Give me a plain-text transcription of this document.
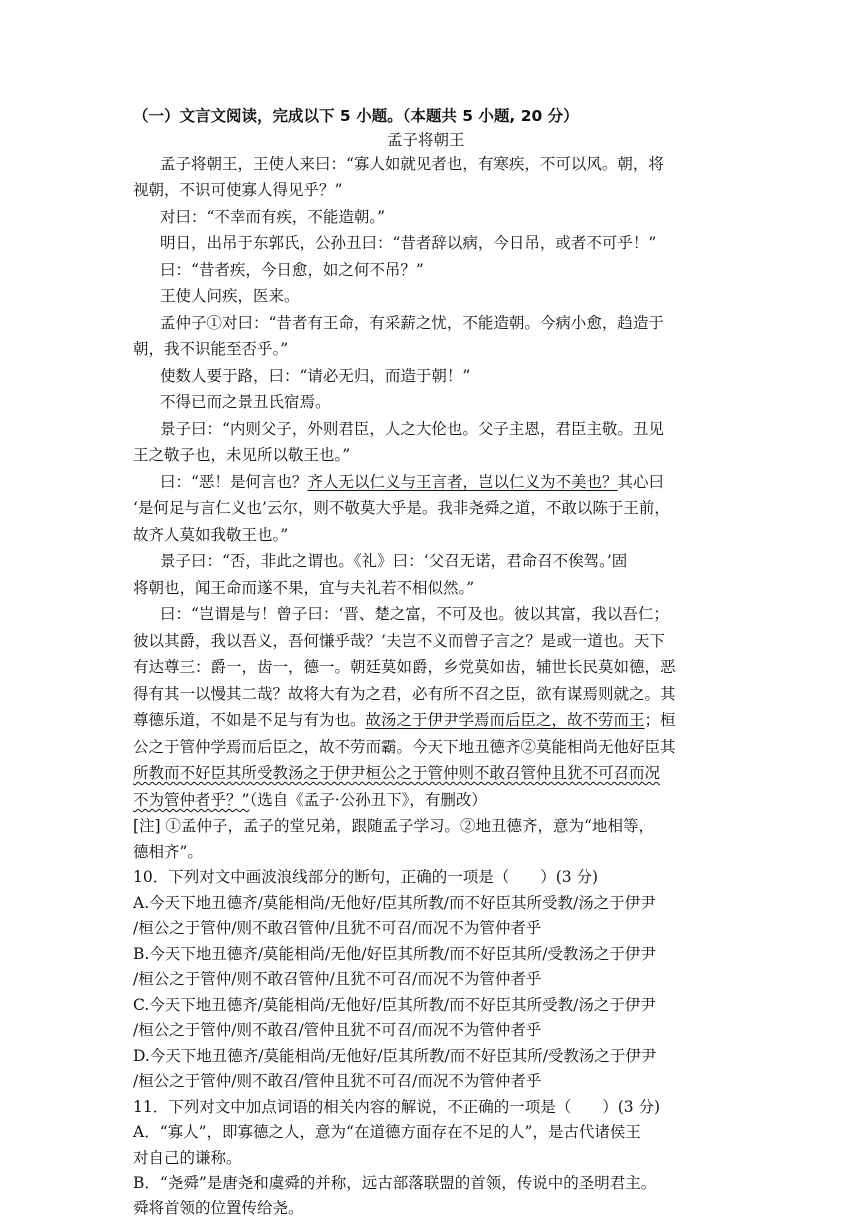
（一）文言文阅读，完成以下 5 小题。（本题共 5 小题, 20 分）
孟子将朝王
孟子将朝王，王使人来曰：“寡人如就见者也，有寒疾，不可以风。朝，将
视朝，不识可使寡人得见乎？”
对曰：“不幸而有疾，不能造朝。”
明日，出吊于东郭氏，公孙丑曰：“昔者辞以病，今日吊，或者不可乎！”
曰：“昔者疾，今日愈，如之何不吊？”
王使人问疾，医来。
孟仲子①对曰：“昔者有王命，有采薪之忧，不能造朝。今病小愈，趋造于
朝，我不识能至否乎。”
使数人要于路，曰：“请必无归，而造于朝！”
不得已而之景丑氏宿焉。
景子曰：“内则父子，外则君臣，人之大伦也。父子主恩，君臣主敬。丑见
王之敬子也，未见所以敬王也。”
曰：“恶！是何言也？齐人无以仁义与王言者，岂以仁义为不美也？其心曰
‘是何足与言仁义也’云尔，则不敬莫大乎是。我非尧舜之道，不敢以陈于王前，
故齐人莫如我敬王也。”
景子曰：“否，非此之谓也。《礼》曰：‘父召无诺，君命召不俟驾。’固
将朝也，闻王命而遂不果，宜与夫礼若不相似然。”
曰：“岂谓是与！曾子曰：‘晋、楚之富，不可及也。彼以其富，我以吾仁；
彼以其爵，我以吾义，吾何慊乎哉？’夫岂不义而曾子言之？是或一道也。天下
有达尊三：爵一，齿一，德一。朝廷莫如爵，乡党莫如齿，辅世长民莫如德，恶
得有其一以慢其二哉？故将大有为之君，必有所不召之臣，欲有谋焉则就之。其
尊德乐道，不如是不足与有为也。故汤之于伊尹学焉而后臣之，故不劳而王；桓
公之于管仲学焉而后臣之，故不劳而霸。今天下地丑德齐②莫能相尚无他好臣其
所教而不好臣其所受教汤之于伊尹桓公之于管仲则不敢召管仲且犹不可召而况
不为管仲者乎？”（选自《孟子·公孙丑下》，有删改）
[注] ①孟仲子，孟子的堂兄弟，跟随孟子学习。②地丑德齐，意为“地相等，
德相齐”。
10．下列对文中画波浪线部分的断句，正确的一项是（　　）(3 分)
A.今天下地丑德齐/莫能相尚/无他好/臣其所教/而不好臣其所受教/汤之于伊尹
/桓公之于管仲/则不敢召管仲/且犹不可召/而况不为管仲者乎
B.今天下地丑德齐/莫能相尚/无他/好臣其所教/而不好臣其所/受教汤之于伊尹
/桓公之于管仲/则不敢召管仲/且犹不可召/而况不为管仲者乎
C.今天下地丑德齐/莫能相尚/无他好/臣其所教/而不好臣其所受教/汤之于伊尹
/桓公之于管仲/则不敢召/管仲且犹不可召/而况不为管仲者乎
D.今天下地丑德齐/莫能相尚/无他好/臣其所教/而不好臣其所/受教汤之于伊尹
/桓公之于管仲/则不敢召/管仲且犹不可召/而况不为管仲者乎
11．下列对文中加点词语的相关内容的解说，不正确的一项是（　　）(3 分)
A．“寡人”，即寡德之人，意为“在道德方面存在不足的人”，是古代诸侯王
对自己的谦称。
B．“尧舜”是唐尧和虞舜的并称，远古部落联盟的首领，传说中的圣明君主。
舜将首领的位置传给尧。
